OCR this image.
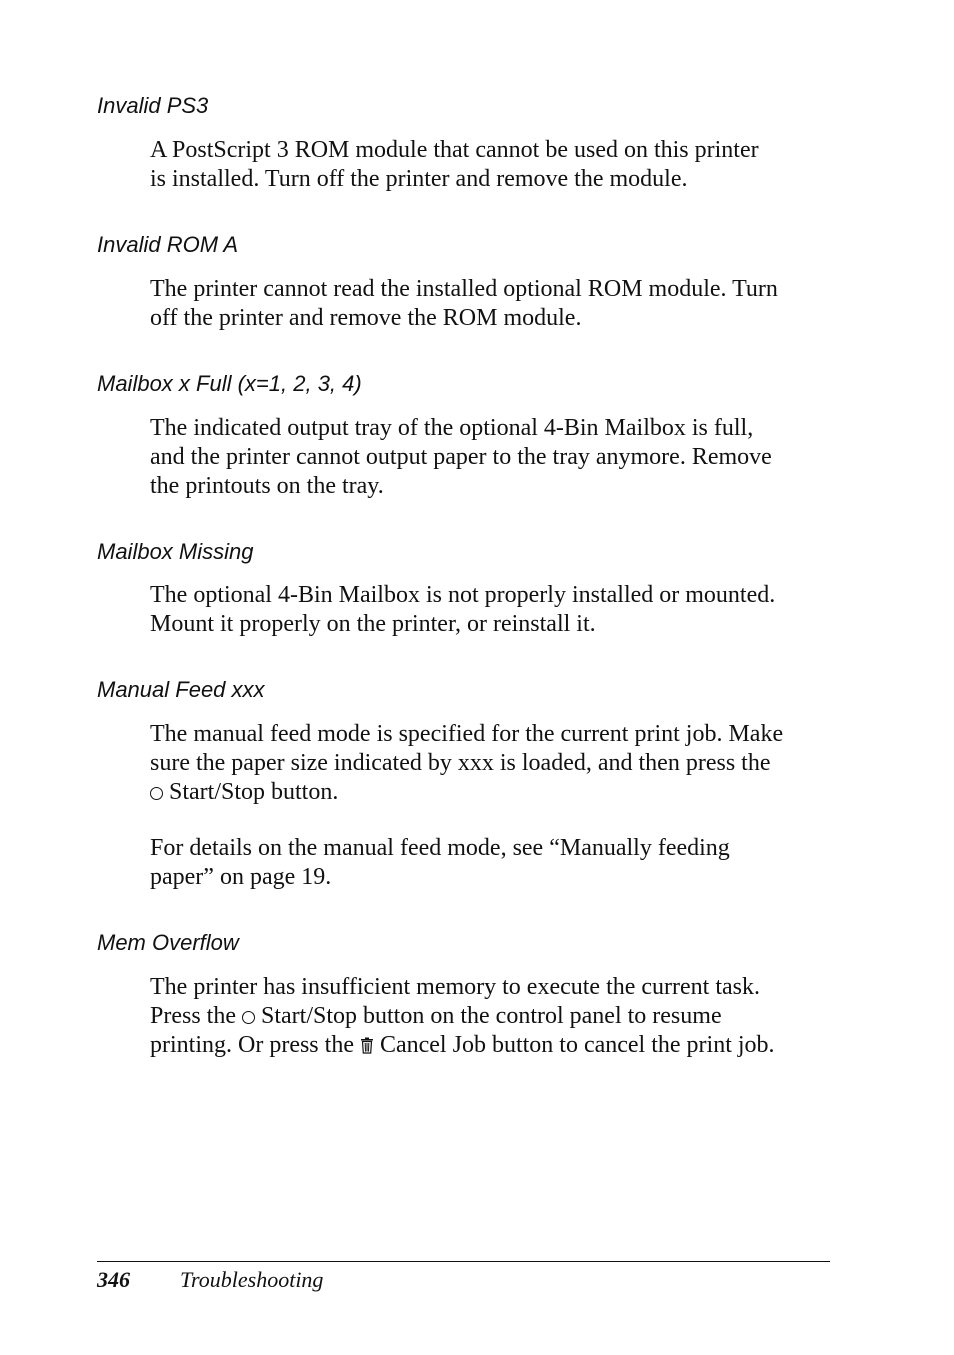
Invalid PS3

A PostScript 3 ROM module that cannot be used on this printer
is installed. Turn off the printer and remove the module.

Invalid ROM A

The printer cannot read the installed optional ROM module. Turn
off the printer and remove the ROM module.

Mailbox x Full (x=1, 2, 3, 4)

The indicated output tray of the optional 4-Bin Mailbox is full,
and the printer cannot output paper to the tray anymore. Remove
the printouts on the tray.

Mailbox Missing

The optional 4-Bin Mailbox is not properly installed or mounted.
Mount it properly on the printer, or reinstall it.

Manual Feed xxx

The manual feed mode is specified for the current print job. Make
sure the paper size indicated by xxx is loaded, and then press the
Start/Stop button.

For details on the manual feed mode, see “Manually feeding
paper” on page 19.

Mem Overflow

The printer has insufficient memory to execute the current task.
Press the Start/Stop button on the control panel to resume
printing. Or press the Cancel Job button to cancel the print job.

346 Troubleshooting
